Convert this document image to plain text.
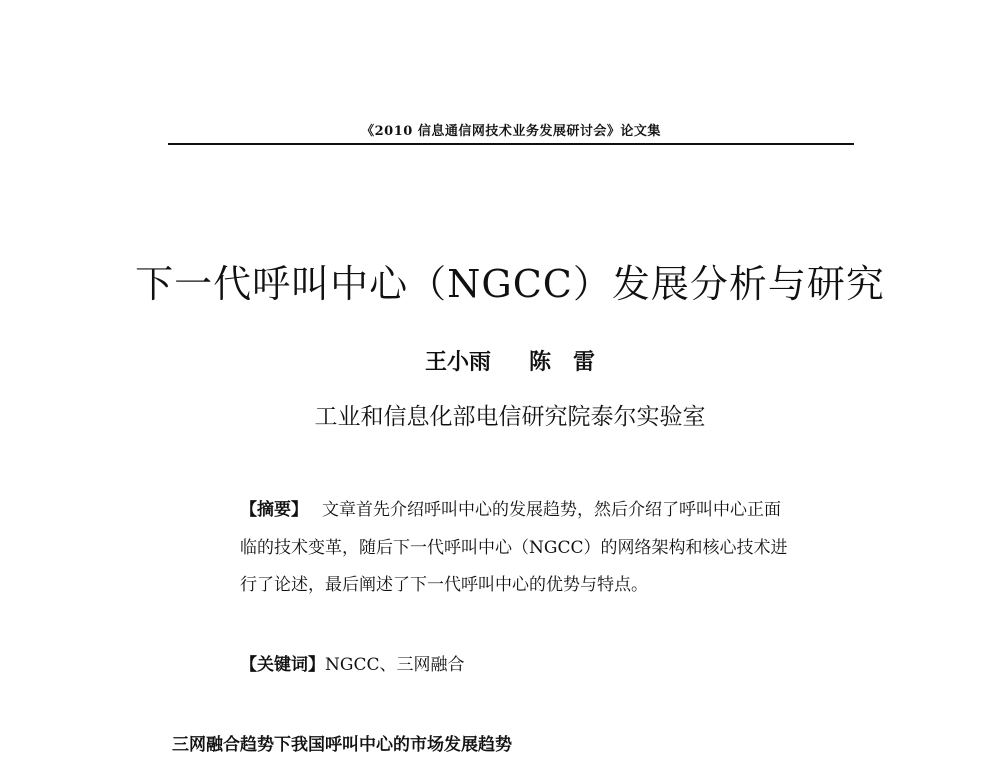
《2010 信息通信网技术业务发展研讨会》论文集
下一代呼叫中心（NGCC）发展分析与研究
王小雨 陈　雷
工业和信息化部电信研究院泰尔实验室
【摘要】 文章首先介绍呼叫中心的发展趋势，然后介绍了呼叫中心正面临的技术变革，随后下一代呼叫中心（NGCC）的网络架构和核心技术进行了论述，最后阐述了下一代呼叫中心的优势与特点。
【关键词】NGCC、三网融合
三网融合趋势下我国呼叫中心的市场发展趋势
